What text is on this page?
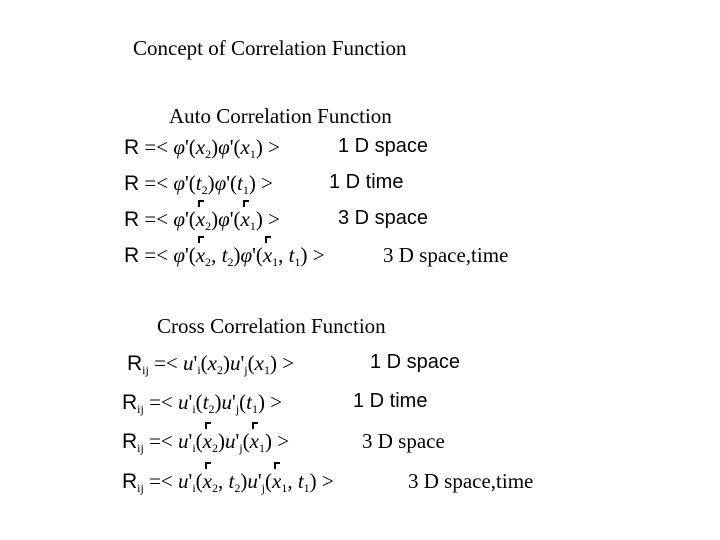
Concept of Correlation Function
Auto Correlation Function
$R =< \varphi'(x_2)\varphi'(x_1)$ >	1 D space
$R =< \varphi'(t_2)\varphi'(t_1)$ >	1 D time
$R =< \varphi'(x_2)\varphi'(x_1)$ >	3 D space
$R =< \varphi'(x_2$, $t_2)\varphi'(x_1$, $t_1$) >	3 D space,time
Cross Correlation Function
$R_{ij} =< u'_i(x_2)u'_j(x_1)$ >	1 D space
$R_{ij} =< u'_i(t_2)u'_j(t_1)$ >	1 D time
$R_{ij} =< u'_i(x_2)u'_j(x_1)$ >	3 D space
$R_{ij} =< u'_i(x_2$, $t_2)u'_j(x_1$, $t_1$) >	3 D space,time
